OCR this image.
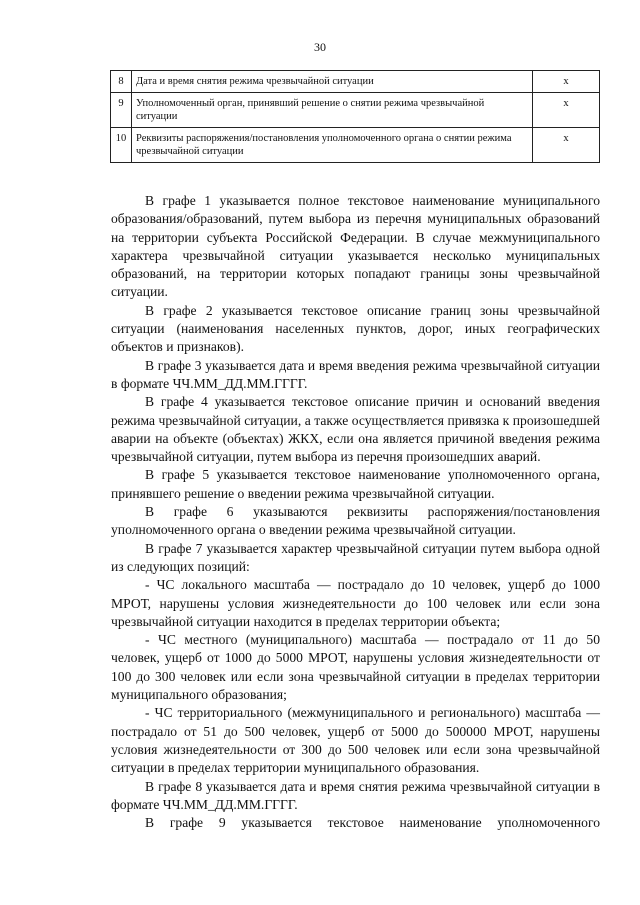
30
8	Дата и время снятия режима чрезвычайной ситуации	x
9	Уполномоченный орган, принявший решение о снятии режима чрезвычайной ситуации	x
10	Реквизиты распоряжения/постановления уполномоченного органа о снятии режима чрезвычайной ситуации	x

В графе 1 указывается полное текстовое наименование муниципального образования/образований, путем выбора из перечня муниципальных образований на территории субъекта Российской Федерации. В случае межмуниципального характера чрезвычайной ситуации указывается несколько муниципальных образований, на территории которых попадают границы зоны чрезвычайной ситуации.

В графе 2 указывается текстовое описание границ зоны чрезвычайной ситуации (наименования населенных пунктов, дорог, иных географических объектов и признаков).

В графе 3 указывается дата и время введения режима чрезвычайной ситуации в формате ЧЧ.ММ_ДД.ММ.ГГГГ.

В графе 4 указывается текстовое описание причин и оснований введения режима чрезвычайной ситуации, а также осуществляется привязка к произошедшей аварии на объекте (объектах) ЖКХ, если она является причиной введения режима чрезвычайной ситуации, путем выбора из перечня произошедших аварий.

В графе 5 указывается текстовое наименование уполномоченного органа, принявшего решение о введении режима чрезвычайной ситуации.

В графе 6 указываются реквизиты распоряжения/постановления уполномоченного органа о введении режима чрезвычайной ситуации.

В графе 7 указывается характер чрезвычайной ситуации путем выбора одной из следующих позиций:

- ЧС локального масштаба — пострадало до 10 человек, ущерб до 1000 МРОТ, нарушены условия жизнедеятельности до 100 человек или если зона чрезвычайной ситуации находится в пределах территории объекта;

- ЧС местного (муниципального) масштаба — пострадало от 11 до 50 человек, ущерб от 1000 до 5000 МРОТ, нарушены условия жизнедеятельности от 100 до 300 человек или если зона чрезвычайной ситуации в пределах территории муниципального образования;

- ЧС территориального (межмуниципального и регионального) масштаба — пострадало от 51 до 500 человек, ущерб от 5000 до 500000 МРОТ, нарушены условия жизнедеятельности от 300 до 500 человек или если зона чрезвычайной ситуации в пределах территории муниципального образования.

В графе 8 указывается дата и время снятия режима чрезвычайной ситуации в формате ЧЧ.ММ_ДД.ММ.ГГГГ.

В графе 9 указывается текстовое наименование уполномоченного
